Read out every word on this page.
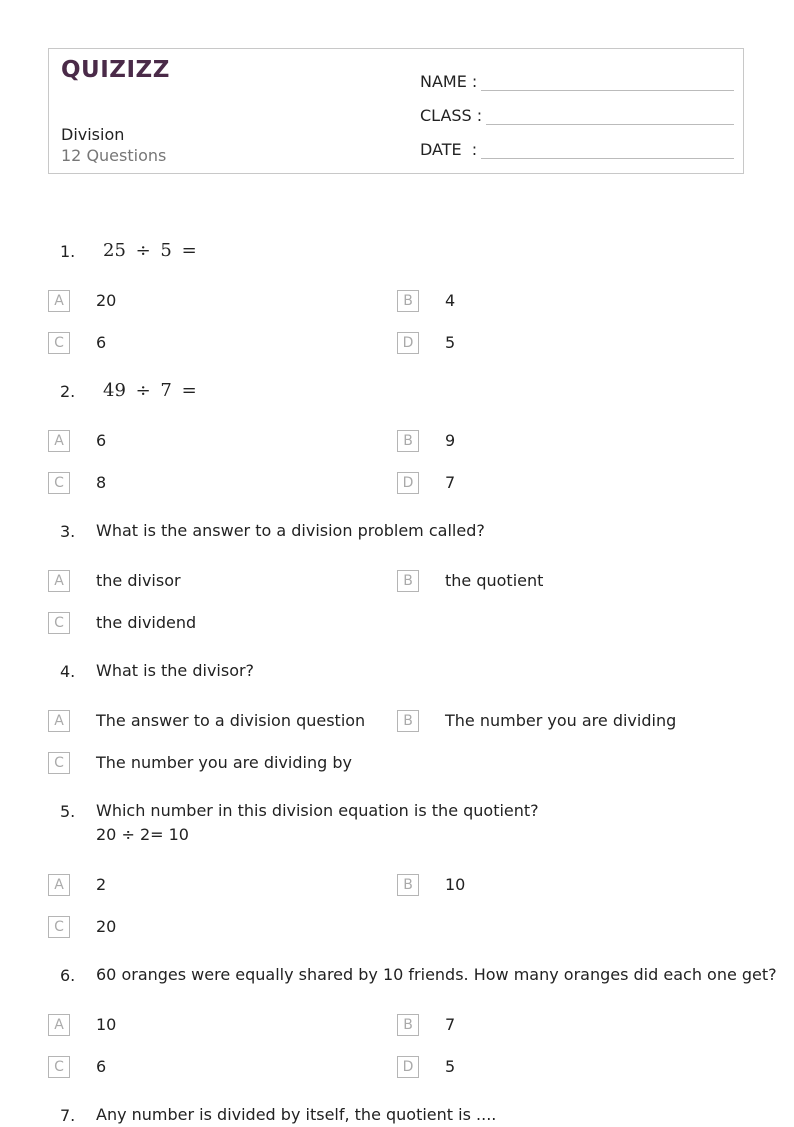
QUIZIZZ
Division
12 Questions
NAME :
CLASS :
DATE  :
1. 25 ÷ 5 =
A	20	B	4
C	6	D	5
2. 49 ÷ 7 =
A	6	B	9
C	8	D	7
3. What is the answer to a division problem called?
A	the divisor	B	the quotient
C	the dividend
4. What is the divisor?
A	The answer to a division question	B	The number you are dividing
C	The number you are dividing by
5. Which number in this division equation is the quotient?
20 ÷ 2= 10
A	2	B	10
C	20
6. 60 oranges were equally shared by 10 friends. How many oranges did each one get?
A	10	B	7
C	6	D	5
7. Any number is divided by itself, the quotient is ....
